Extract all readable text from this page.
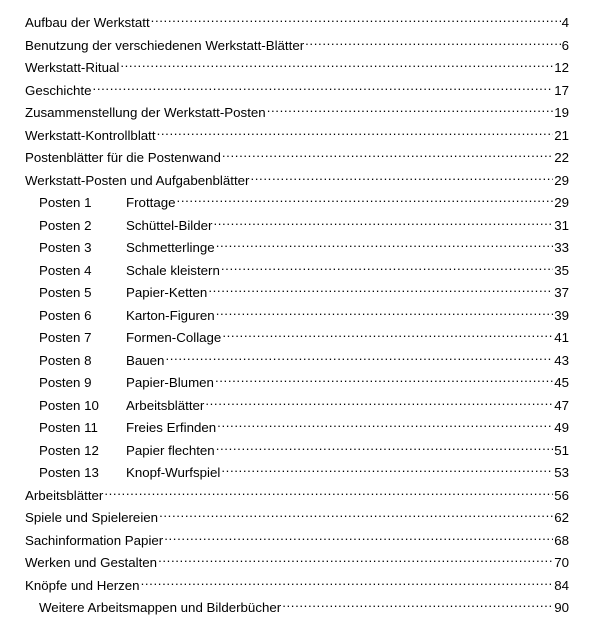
Aufbau der Werkstatt .....	4
Benutzung der verschiedenen Werkstatt-Blätter .....	6
Werkstatt-Ritual .....	12
Geschichte .....	17
Zusammenstellung der Werkstatt-Posten .....	19
Werkstatt-Kontrollblatt .....	21
Postenblätter für die Postenwand .....	22
Werkstatt-Posten und Aufgabenblätter .....	29
Posten 1	Frottage .....	29
Posten 2	Schüttel-Bilder .....	31
Posten 3	Schmetterlinge .....	33
Posten 4	Schale kleistern .....	35
Posten 5	Papier-Ketten .....	37
Posten 6	Karton-Figuren .....	39
Posten 7	Formen-Collage .....	41
Posten 8	Bauen .....	43
Posten 9	Papier-Blumen .....	45
Posten 10	Arbeitsblätter .....	47
Posten 11	Freies Erfinden .....	49
Posten 12	Papier flechten .....	51
Posten 13	Knopf-Wurfspiel .....	53
Arbeitsblätter .....	56
Spiele und Spielereien .....	62
Sachinformation Papier .....	68
Werken und Gestalten .....	70
Knöpfe und Herzen .....	84
Weitere Arbeitsmappen und Bilderbücher .....	90
